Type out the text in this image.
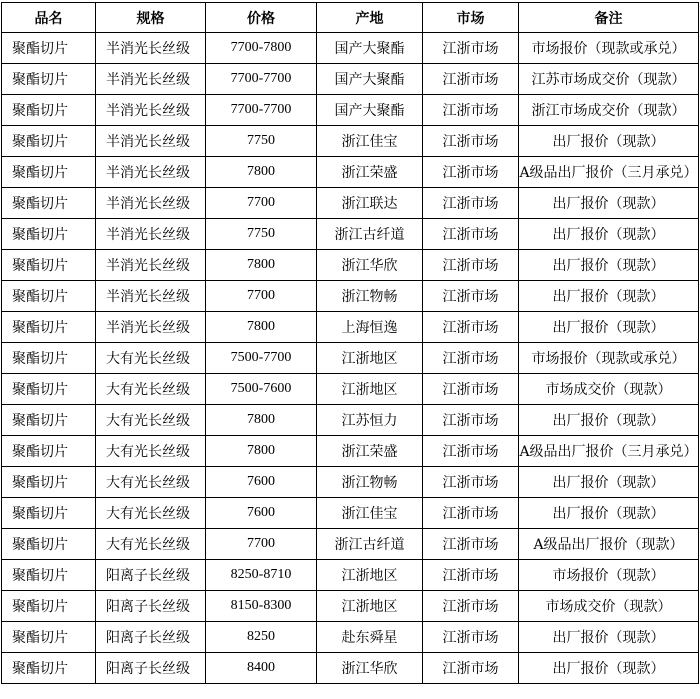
品名	规格	价格	产地	市场	备注
聚酯切片	半消光长丝级	7700-7800	国产大聚酯	江浙市场	市场报价（现款或承兑）
聚酯切片	半消光长丝级	7700-7700	国产大聚酯	江浙市场	江苏市场成交价（现款）
聚酯切片	半消光长丝级	7700-7700	国产大聚酯	江浙市场	浙江市场成交价（现款）
聚酯切片	半消光长丝级	7750	浙江佳宝	江浙市场	出厂报价（现款）
聚酯切片	半消光长丝级	7800	浙江荣盛	江浙市场	A级品出厂报价（三月承兑）
聚酯切片	半消光长丝级	7700	浙江联达	江浙市场	出厂报价（现款）
聚酯切片	半消光长丝级	7750	浙江古纤道	江浙市场	出厂报价（现款）
聚酯切片	半消光长丝级	7800	浙江华欣	江浙市场	出厂报价（现款）
聚酯切片	半消光长丝级	7700	浙江物畅	江浙市场	出厂报价（现款）
聚酯切片	半消光长丝级	7800	上海恒逸	江浙市场	出厂报价（现款）
聚酯切片	大有光长丝级	7500-7700	江浙地区	江浙市场	市场报价（现款或承兑）
聚酯切片	大有光长丝级	7500-7600	江浙地区	江浙市场	市场成交价（现款）
聚酯切片	大有光长丝级	7800	江苏恒力	江浙市场	出厂报价（现款）
聚酯切片	大有光长丝级	7800	浙江荣盛	江浙市场	A级品出厂报价（三月承兑）
聚酯切片	大有光长丝级	7600	浙江物畅	江浙市场	出厂报价（现款）
聚酯切片	大有光长丝级	7600	浙江佳宝	江浙市场	出厂报价（现款）
聚酯切片	大有光长丝级	7700	浙江古纤道	江浙市场	A级品出厂报价（现款）
聚酯切片	阳离子长丝级	8250-8710	江浙地区	江浙市场	市场报价（现款）
聚酯切片	阳离子长丝级	8150-8300	江浙地区	江浙市场	市场成交价（现款）
聚酯切片	阳离子长丝级	8250	赴东舜星	江浙市场	出厂报价（现款）
聚酯切片	阳离子长丝级	8400	浙江华欣	江浙市场	出厂报价（现款）
